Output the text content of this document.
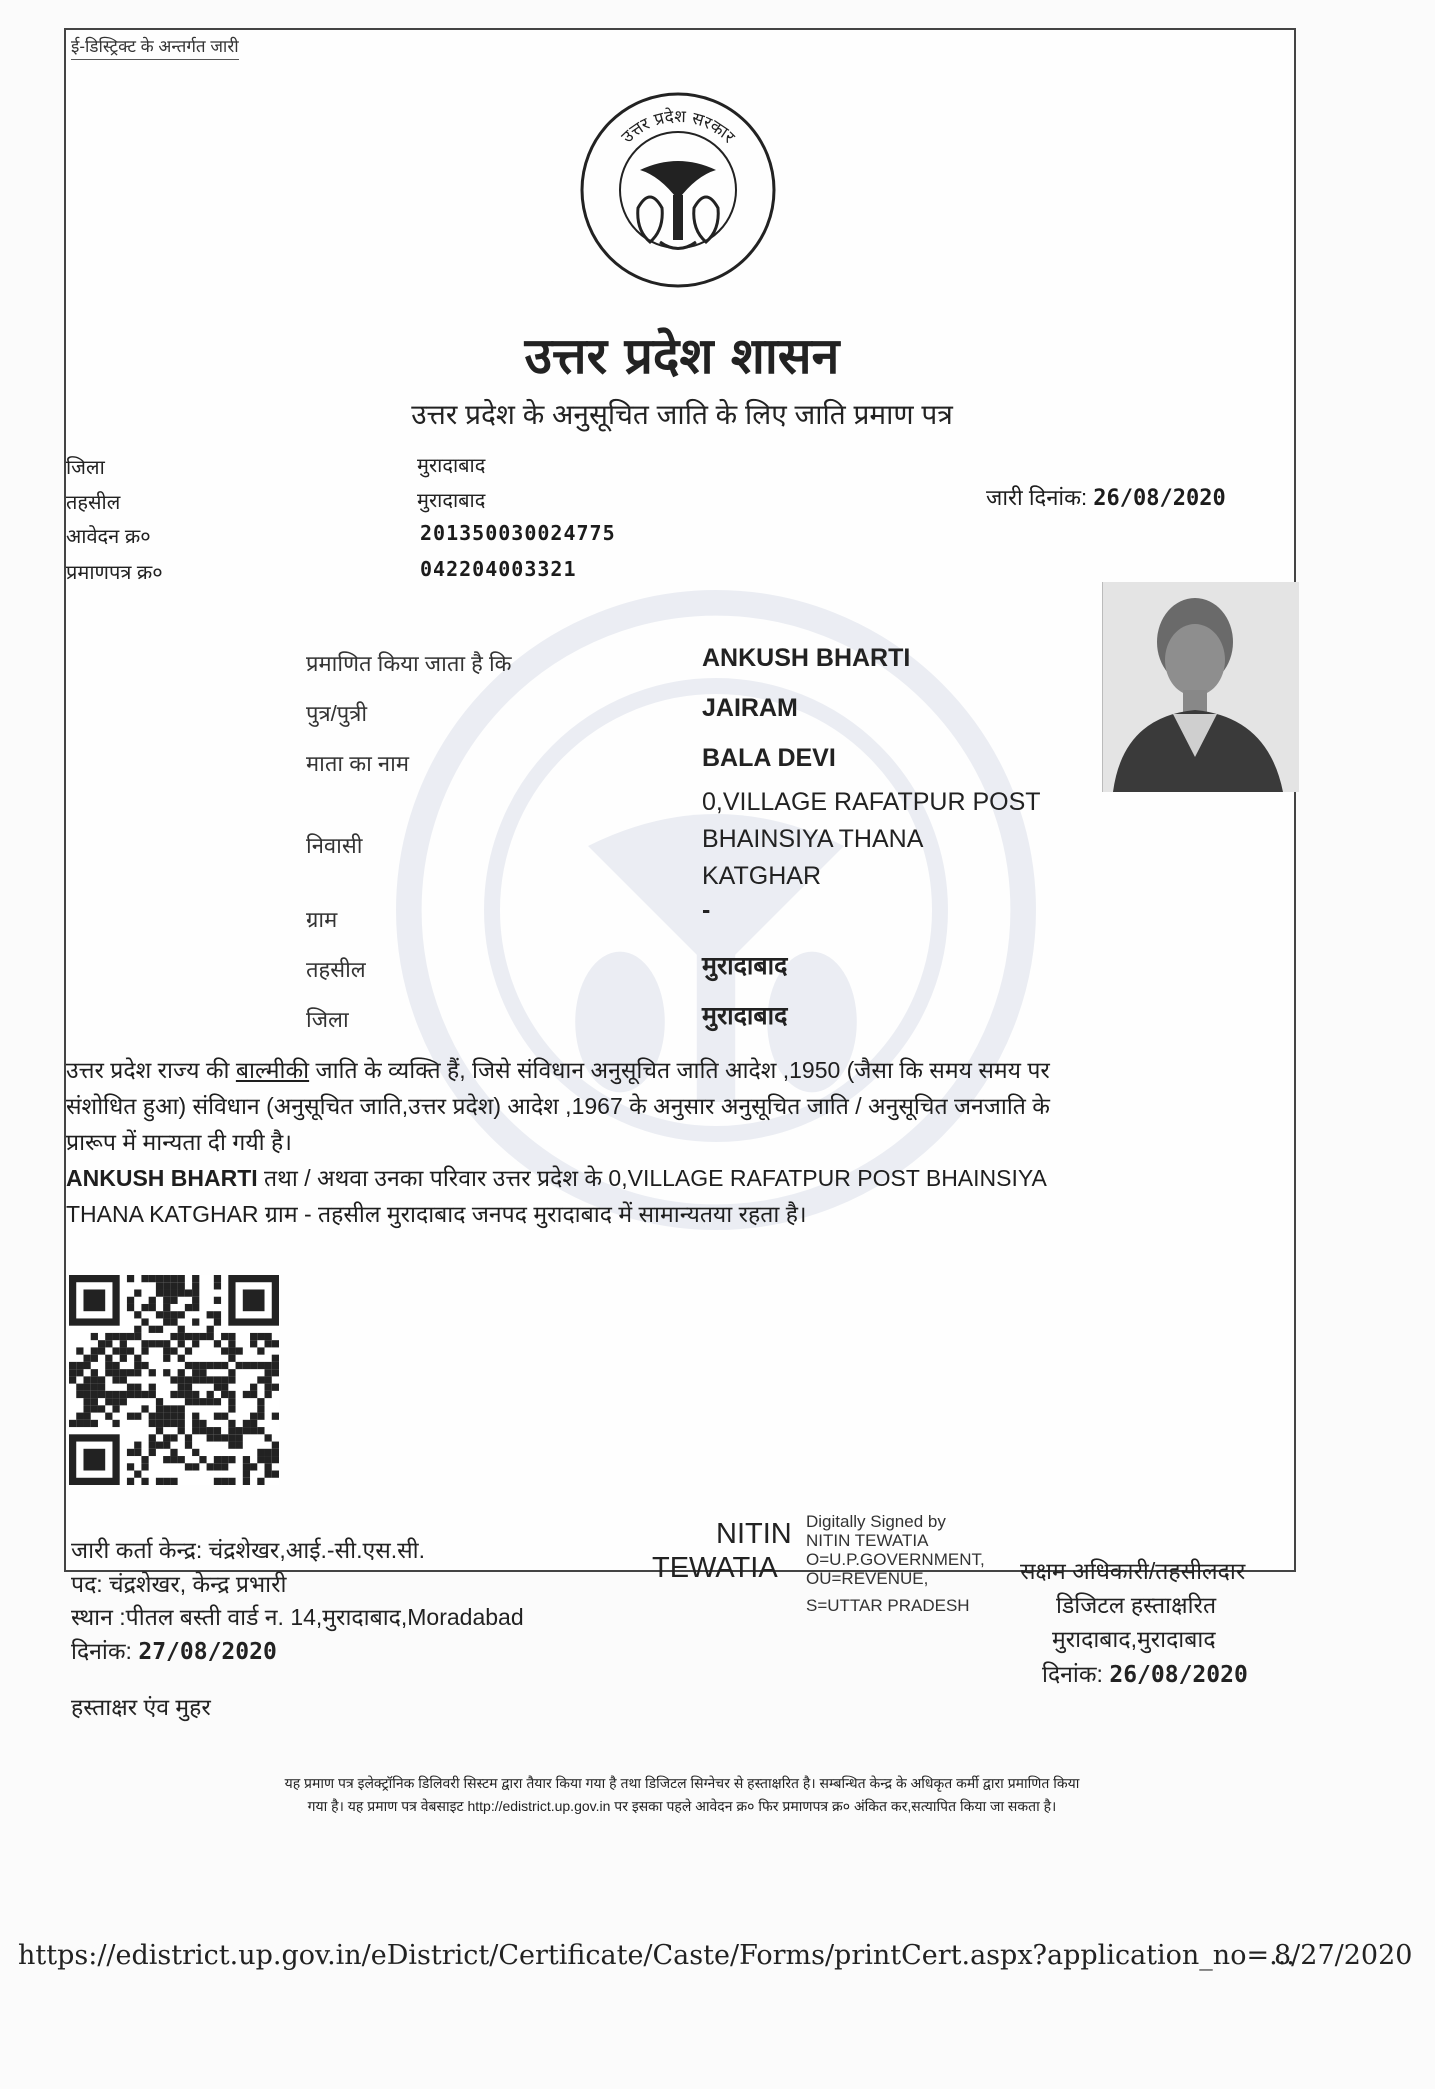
ई-डिस्ट्रिक्ट के अन्तर्गत जारी
उत्तर प्रदेश सरकार
उत्तर प्रदेश शासन
उत्तर प्रदेश के अनुसूचित जाति के लिए जाति प्रमाण पत्र
जिला	मुरादाबाद
तहसील	मुरादाबाद
आवेदन क्र०	201350030024775
प्रमाणपत्र क्र०	042204003321
जारी दिनांक: 26/08/2020
प्रमाणित किया जाता है कि	ANKUSH BHARTI
पुत्र/पुत्री	JAIRAM
माता का नाम	BALA DEVI
निवासी
0,VILLAGE RAFATPUR POST
BHAINSIYA THANA
KATGHAR
ग्राम	-
तहसील	मुरादाबाद
जिला	मुरादाबाद
उत्तर प्रदेश राज्य की बाल्मीकी जाति के व्यक्ति हैं, जिसे संविधान अनुसूचित जाति आदेश ,1950 (जैसा कि समय समय पर
संशोधित हुआ) संविधान (अनुसूचित जाति,उत्तर प्रदेश) आदेश ,1967 के अनुसार अनुसूचित जाति / अनुसूचित जनजाति के
प्रारूप में मान्यता दी गयी है।
ANKUSH BHARTI तथा / अथवा उनका परिवार उत्तर प्रदेश के 0,VILLAGE RAFATPUR POST BHAINSIYA
THANA KATGHAR ग्राम - तहसील मुरादाबाद जनपद मुरादाबाद में सामान्यतया रहता है।
जारी कर्ता केन्द्र: चंद्रशेखर,आई.-सी.एस.सी.
पद: चंद्रशेखर, केन्द्र प्रभारी
स्थान :पीतल बस्ती वार्ड न. 14,मुरादाबाद,Moradabad
दिनांक: 27/08/2020
हस्ताक्षर एंव मुहर
NITIN
TEWATIA
Digitally Signed by
NITIN TEWATIA
O=U.P.GOVERNMENT,
OU=REVENUE,
S=UTTAR PRADESH
सक्षम अधिकारी/तहसीलदार
डिजिटल हस्ताक्षरित
मुरादाबाद,मुरादाबाद
दिनांक: 26/08/2020
यह प्रमाण पत्र इलेक्ट्रॉनिक डिलिवरी सिस्टम द्वारा तैयार किया गया है तथा डिजिटल सिग्नेचर से हस्ताक्षरित है। सम्बन्धित केन्द्र के अधिकृत कर्मी द्वारा प्रमाणित किया
गया है। यह प्रमाण पत्र वेबसाइट http://edistrict.up.gov.in पर इसका पहले आवेदन क्र० फिर प्रमाणपत्र क्र० अंकित कर,सत्यापित किया जा सकता है।
https://edistrict.up.gov.in/eDistrict/Certificate/Caste/Forms/printCert.aspx?application_no=...
8/27/2020
